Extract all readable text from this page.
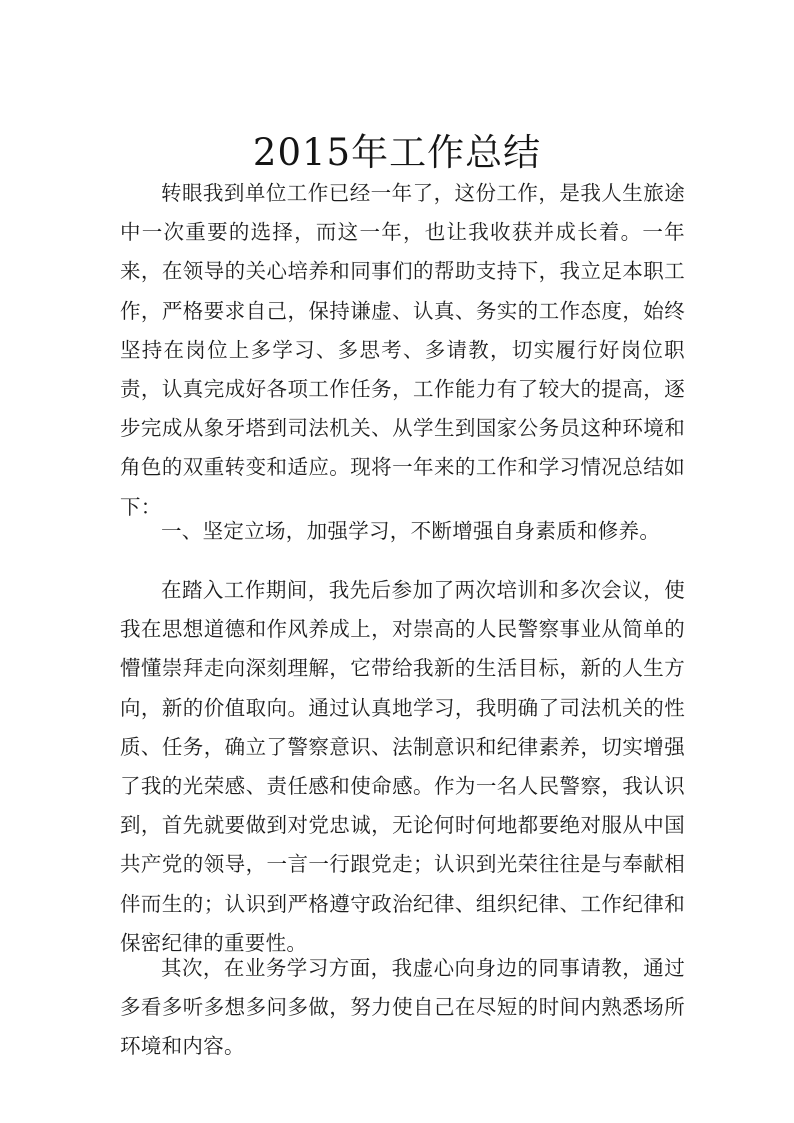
2015年工作总结

转眼我到单位工作已经一年了，这份工作，是我人生旅途中一次重要的选择，而这一年，也让我收获并成长着。一年来，在领导的关心培养和同事们的帮助支持下，我立足本职工作，严格要求自己，保持谦虚、认真、务实的工作态度，始终坚持在岗位上多学习、多思考、多请教，切实履行好岗位职责，认真完成好各项工作任务，工作能力有了较大的提高，逐步完成从象牙塔到司法机关、从学生到国家公务员这种环境和角色的双重转变和适应。现将一年来的工作和学习情况总结如下：

一、坚定立场，加强学习，不断增强自身素质和修养。

在踏入工作期间，我先后参加了两次培训和多次会议，使我在思想道德和作风养成上，对崇高的人民警察事业从简单的懵懂崇拜走向深刻理解，它带给我新的生活目标，新的人生方向，新的价值取向。通过认真地学习，我明确了司法机关的性质、任务，确立了警察意识、法制意识和纪律素养，切实增强了我的光荣感、责任感和使命感。作为一名人民警察，我认识到，首先就要做到对党忠诚，无论何时何地都要绝对服从中国共产党的领导，一言一行跟党走；认识到光荣往往是与奉献相伴而生的；认识到严格遵守政治纪律、组织纪律、工作纪律和保密纪律的重要性。

其次，在业务学习方面，我虚心向身边的同事请教，通过多看多听多想多问多做，努力使自己在尽短的时间内熟悉场所环境和内容。
